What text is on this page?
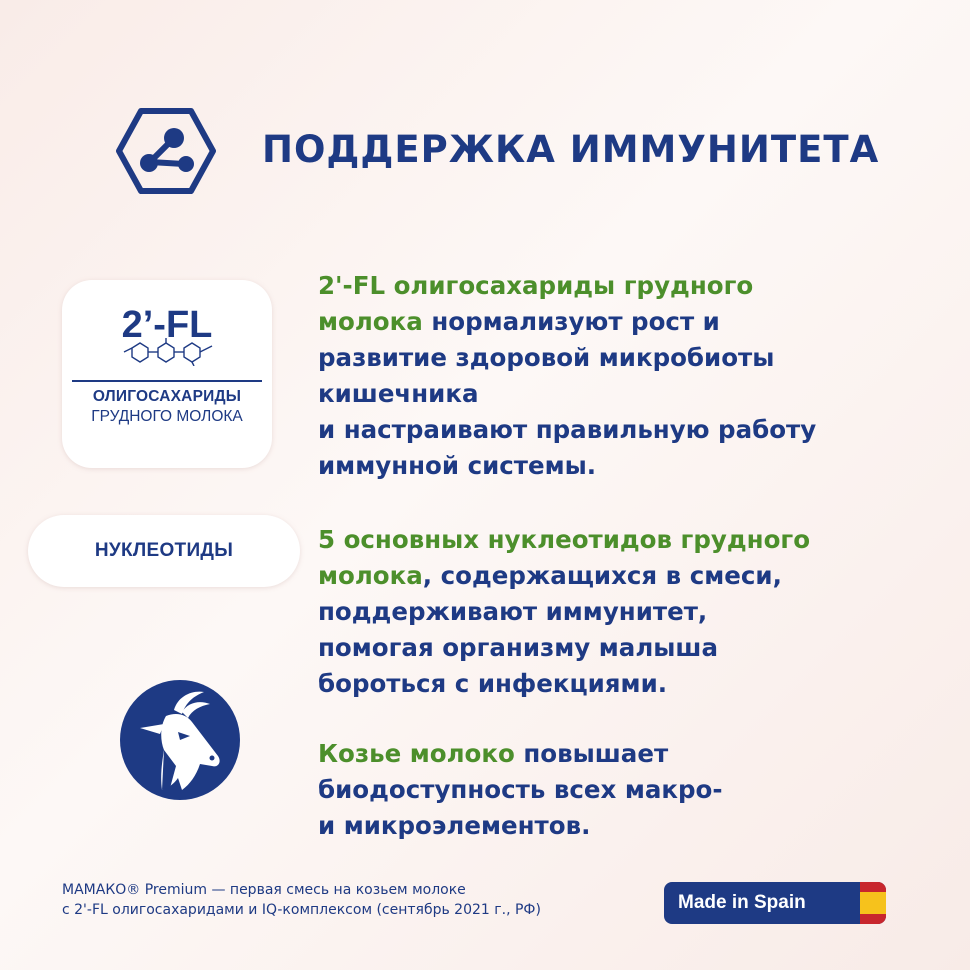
ПОДДЕРЖКА ИММУНИТЕТА
2’-FL
ОЛИГОСАХАРИДЫ
ГРУДНОГО МОЛОКА
НУКЛЕОТИДЫ

2'-FL олигосахариды грудного
молока нормализуют рост и
развитие здоровой микробиоты
кишечника
и настраивают правильную работу
иммунной системы.

5 основных нуклеотидов грудного
молока, содержащихся в смеси,
поддерживают иммунитет,
помогая организму малыша
бороться с инфекциями.

Козье молоко повышает
биодоступность всех макро-
и микроэлементов.

МАМАКО® Premium — первая смесь на козьем молоке
с 2'-FL олигосахаридами и IQ-комплексом (сентябрь 2021 г., РФ)	Made in Spain
